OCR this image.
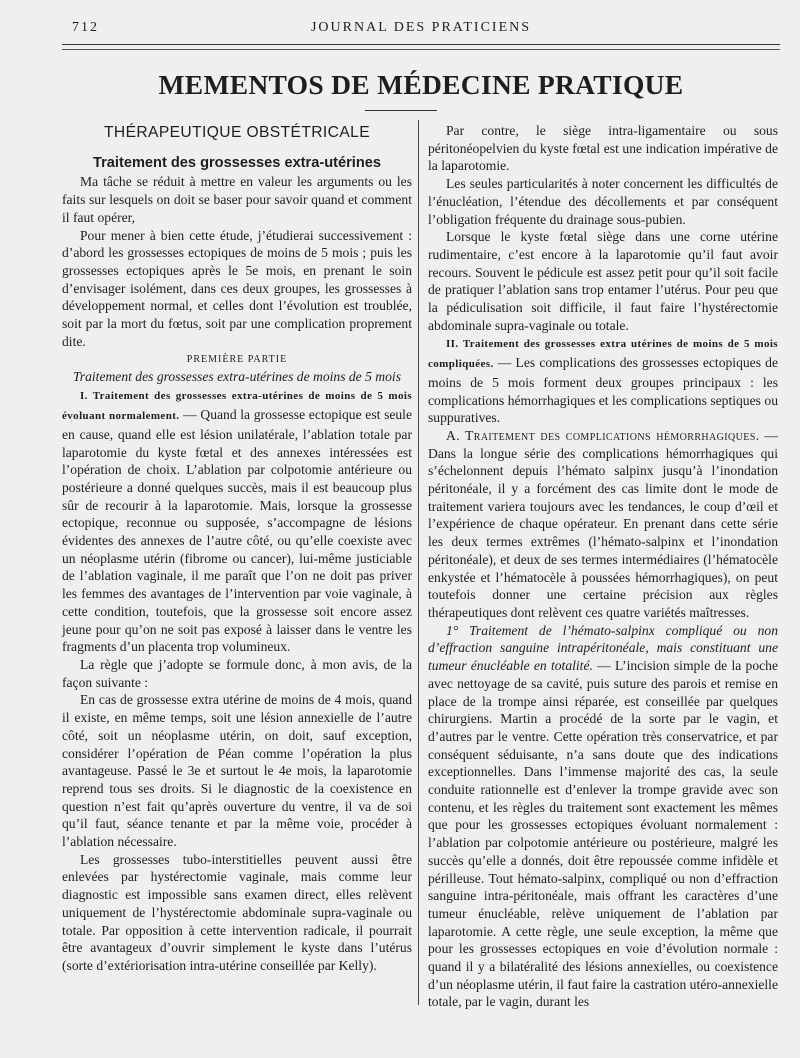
712	JOURNAL DES PRATICIENS
MEMENTOS DE MÉDECINE PRATIQUE
THÉRAPEUTIQUE OBSTÉTRICALE
Traitement des grossesses extra-utérines

Ma tâche se réduit à mettre en valeur les arguments ou les faits sur lesquels on doit se baser pour savoir quand et comment il faut opérer,

Pour mener à bien cette étude, j’étudierai successivement : d’abord les grossesses ectopiques de moins de 5 mois ; puis les grossesses ectopiques après le 5e mois, en prenant le soin d’envisager isolément, dans ces deux groupes, les grossesses à développement normal, et celles dont l’évolution est troublée, soit par la mort du fœtus, soit par une complication proprement dite.

PREMIÈRE PARTIE
Traitement des grossesses extra-utérines de moins de 5 mois

I. Traitement des grossesses extra-utérines de moins de 5 mois évoluant normalement. — Quand la grossesse ectopique est seule en cause, quand elle est lésion unilatérale, l’ablation totale par laparotomie du kyste fœtal et des annexes intéressées est l’opération de choix. L’ablation par colpotomie antérieure ou postérieure a donné quelques succès, mais il est beaucoup plus sûr de recourir à la laparotomie. Mais, lorsque la grossesse ectopique, reconnue ou supposée, s’accompagne de lésions évidentes des annexes de l’autre côté, ou qu’elle coexiste avec un néoplasme utérin (fibrome ou cancer), lui-même justiciable de l’ablation vaginale, il me paraît que l’on ne doit pas priver les femmes des avantages de l’intervention par voie vaginale, à cette condition, toutefois, que la grossesse soit encore assez jeune pour qu’on ne soit pas exposé à laisser dans le ventre les fragments d’un placenta trop volumineux.

La règle que j’adopte se formule donc, à mon avis, de la façon suivante :

En cas de grossesse extra utérine de moins de 4 mois, quand il existe, en même temps, soit une lésion annexielle de l’autre côté, soit un néoplasme utérin, on doit, sauf exception, considérer l’opération de Péan comme l’opération la plus avantageuse. Passé le 3e et surtout le 4e mois, la laparotomie reprend tous ses droits. Si le diagnostic de la coexistence en question n’est fait qu’après ouverture du ventre, il va de soi qu’il faut, séance tenante et par la même voie, procéder à l’ablation nécessaire.

Les grossesses tubo-interstitielles peuvent aussi être enlevées par hystérectomie vaginale, mais comme leur diagnostic est impossible sans examen direct, elles relèvent uniquement de l’hystérectomie abdominale supra-vaginale ou totale. Par opposition à cette intervention radicale, il pourrait être avantageux d’ouvrir simplement le kyste dans l’utérus (sorte d’extériorisation intra-utérine conseillée par Kelly).

Par contre, le siège intra-ligamentaire ou sous péritonéopelvien du kyste fœtal est une indication impérative de la laparotomie.

Les seules particularités à noter concernent les difficultés de l’énucléation, l’étendue des décollements et par conséquent l’obligation fréquente du drainage sous-pubien.

Lorsque le kyste fœtal siège dans une corne utérine rudimentaire, c’est encore à la laparotomie qu’il faut avoir recours. Souvent le pédicule est assez petit pour qu’il soit facile de pratiquer l’ablation sans trop entamer l’utérus. Pour peu que la pédiculisation soit difficile, il faut faire l’hystérectomie abdominale supra-vaginale ou totale.

II. Traitement des grossesses extra utérines de moins de 5 mois compliquées. — Les complications des grossesses ectopiques de moins de 5 mois forment deux groupes principaux : les complications hémorrhagiques et les complications septiques ou suppuratives.

A. Traitement des complications hémorrhagiques. — Dans la longue série des complications hémorrhagiques qui s’échelonnent depuis l’hémato salpinx jusqu’à l’inondation péritonéale, il y a forcément des cas limite dont le mode de traitement variera toujours avec les tendances, le coup d’œil et l’expérience de chaque opérateur. En prenant dans cette série les deux termes extrêmes (l’hémato-salpinx et l’inondation péritonéale), et deux de ses termes intermédiaires (l’hématocèle enkystée et l’hématocèle à poussées hémorrhagiques), on peut toutefois donner une certaine précision aux règles thérapeutiques dont relèvent ces quatre variétés maîtresses.

1° Traitement de l’hémato-salpinx compliqué ou non d’effraction sanguine intrapéritonéale, mais constituant une tumeur énucléable en totalité. — L’incision simple de la poche avec nettoyage de sa cavité, puis suture des parois et remise en place de la trompe ainsi réparée, est conseillée par quelques chirurgiens. Martin a procédé de la sorte par le vagin, et d’autres par le ventre. Cette opération très conservatrice, et par conséquent séduisante, n’a sans doute que des indications exceptionnelles. Dans l’immense majorité des cas, la seule conduite rationnelle est d’enlever la trompe gravide avec son contenu, et les règles du traitement sont exactement les mêmes que pour les grossesses ectopiques évoluant normalement : l’ablation par colpotomie antérieure ou postérieure, malgré les succès qu’elle a donnés, doit être repoussée comme infidèle et périlleuse. Tout hémato-salpinx, compliqué ou non d’effraction sanguine intra-péritonéale, mais offrant les caractères d’une tumeur énucléable, relève uniquement de l’ablation par laparotomie. A cette règle, une seule exception, la même que pour les grossesses ectopiques en voie d’évolution normale : quand il y a bilatéralité des lésions annexielles, ou coexistence d’un néoplasme utérin, il faut faire la castration utéro-annexielle totale, par le vagin, durant les
